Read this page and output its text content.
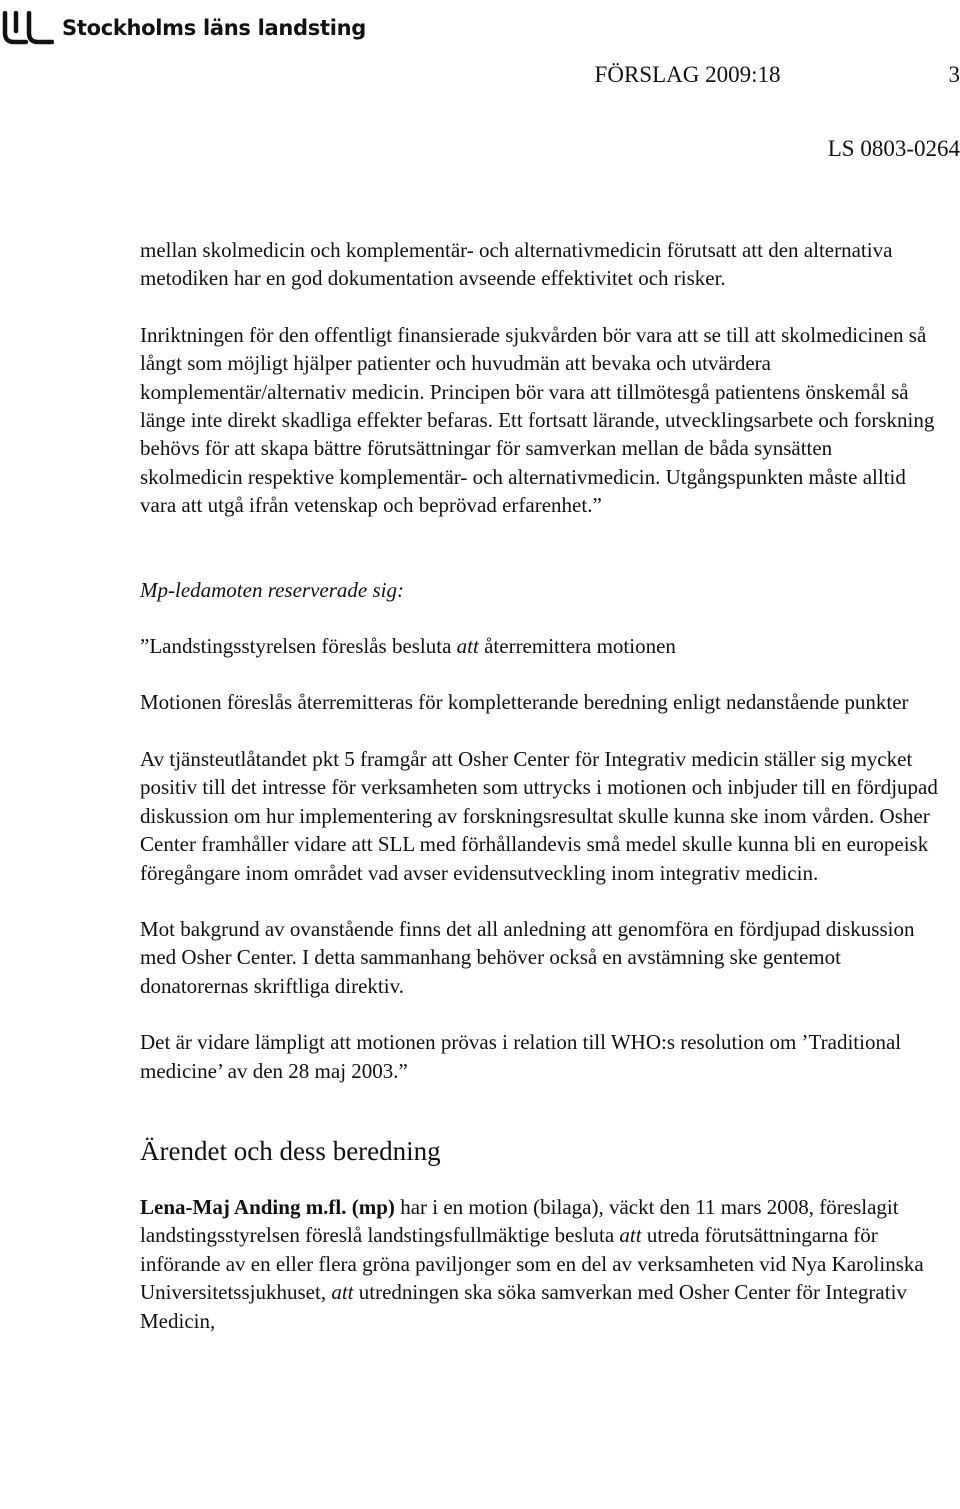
Stockholms läns landsting
FÖRSLAG 2009:18	3
LS 0803-0264

mellan skolmedicin och komplementär- och alternativmedicin förutsatt att den alternativa metodiken har en god dokumentation avseende effektivitet och risker.

Inriktningen för den offentligt finansierade sjukvården bör vara att se till att skolmedicinen så långt som möjligt hjälper patienter och huvudmän att bevaka och utvärdera komplementär/alternativ medicin. Principen bör vara att tillmötesgå patientens önskemål så länge inte direkt skadliga effekter befaras. Ett fortsatt lärande, utvecklingsarbete och forskning behövs för att skapa bättre förutsättningar för samverkan mellan de båda synsätten skolmedicin respektive komplementär- och alternativmedicin. Utgångspunkten måste alltid vara att utgå ifrån vetenskap och beprövad erfarenhet.”

Mp-ledamoten reserverade sig:

”Landstingsstyrelsen föreslås besluta att återremittera motionen

Motionen föreslås återremitteras för kompletterande beredning enligt nedanstående punkter

Av tjänsteutlåtandet pkt 5 framgår att Osher Center för Integrativ medicin ställer sig mycket positiv till det intresse för verksamheten som uttrycks i motionen och inbjuder till en fördjupad diskussion om hur implementering av forskningsresultat skulle kunna ske inom vården. Osher Center framhåller vidare att SLL med förhållandevis små medel skulle kunna bli en europeisk föregångare inom området vad avser evidensutveckling inom integrativ medicin.

Mot bakgrund av ovanstående finns det all anledning att genomföra en fördjupad diskussion med Osher Center. I detta sammanhang behöver också en avstämning ske gentemot donatorernas skriftliga direktiv.

Det är vidare lämpligt att motionen prövas i relation till WHO:s resolution om ’Traditional medicine’ av den 28 maj 2003.”

Ärendet och dess beredning

Lena-Maj Anding m.fl. (mp) har i en motion (bilaga), väckt den 11 mars 2008, föreslagit landstingsstyrelsen föreslå landstingsfullmäktige besluta att utreda förutsättningarna för införande av en eller flera gröna paviljonger som en del av verksamheten vid Nya Karolinska Universitetssjukhuset, att utredningen ska söka samverkan med Osher Center för Integrativ Medicin,
